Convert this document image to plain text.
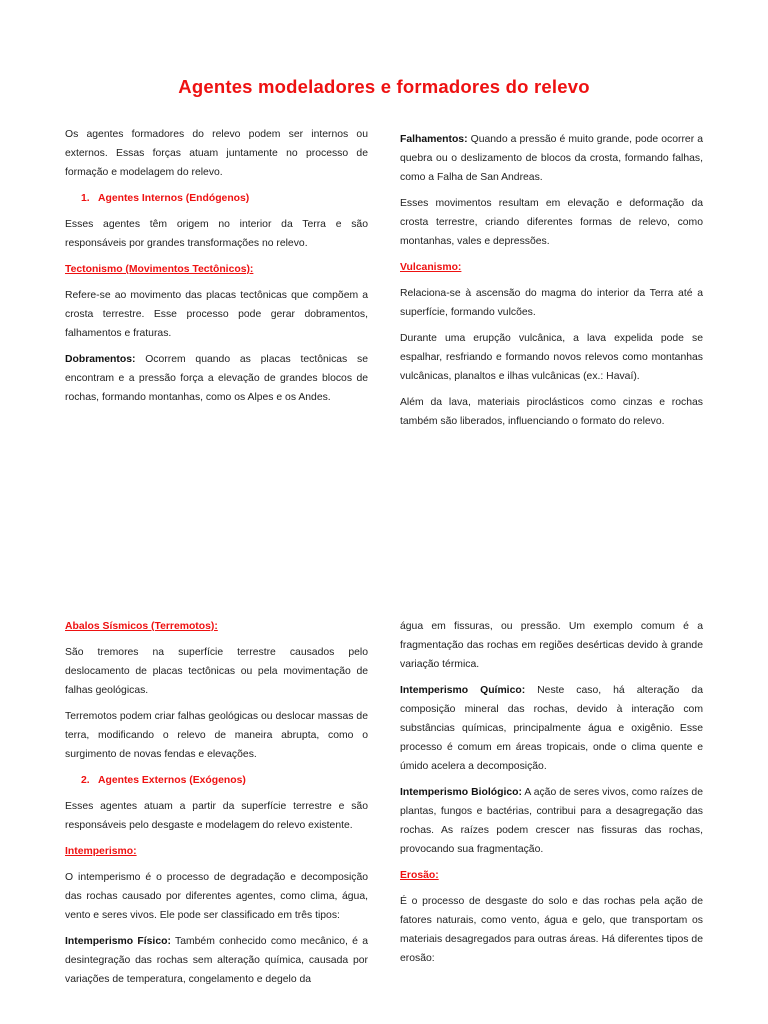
Agentes modeladores e formadores do relevo

Os agentes formadores do relevo podem ser internos ou externos. Essas forças atuam juntamente no processo de formação e modelagem do relevo.

1. Agentes Internos (Endógenos)

Esses agentes têm origem no interior da Terra e são responsáveis por grandes transformações no relevo.

Tectonismo (Movimentos Tectônicos):

Refere-se ao movimento das placas tectônicas que compõem a crosta terrestre. Esse processo pode gerar dobramentos, falhamentos e fraturas.

Dobramentos: Ocorrem quando as placas tectônicas se encontram e a pressão força a elevação de grandes blocos de rochas, formando montanhas, como os Alpes e os Andes.

Falhamentos: Quando a pressão é muito grande, pode ocorrer a quebra ou o deslizamento de blocos da crosta, formando falhas, como a Falha de San Andreas.

Esses movimentos resultam em elevação e deformação da crosta terrestre, criando diferentes formas de relevo, como montanhas, vales e depressões.

Vulcanismo:

Relaciona-se à ascensão do magma do interior da Terra até a superfície, formando vulcões.

Durante uma erupção vulcânica, a lava expelida pode se espalhar, resfriando e formando novos relevos como montanhas vulcânicas, planaltos e ilhas vulcânicas (ex.: Havaí).

Além da lava, materiais piroclásticos como cinzas e rochas também são liberados, influenciando o formato do relevo.

Abalos Sísmicos (Terremotos):

São tremores na superfície terrestre causados pelo deslocamento de placas tectônicas ou pela movimentação de falhas geológicas.

Terremotos podem criar falhas geológicas ou deslocar massas de terra, modificando o relevo de maneira abrupta, como o surgimento de novas fendas e elevações.

2. Agentes Externos (Exógenos)

Esses agentes atuam a partir da superfície terrestre e são responsáveis pelo desgaste e modelagem do relevo existente.

Intemperismo:

O intemperismo é o processo de degradação e decomposição das rochas causado por diferentes agentes, como clima, água, vento e seres vivos. Ele pode ser classificado em três tipos:

Intemperismo Físico: Também conhecido como mecânico, é a desintegração das rochas sem alteração química, causada por variações de temperatura, congelamento e degelo da

água em fissuras, ou pressão. Um exemplo comum é a fragmentação das rochas em regiões desérticas devido à grande variação térmica.

Intemperismo Químico: Neste caso, há alteração da composição mineral das rochas, devido à interação com substâncias químicas, principalmente água e oxigênio. Esse processo é comum em áreas tropicais, onde o clima quente e úmido acelera a decomposição.

Intemperismo Biológico: A ação de seres vivos, como raízes de plantas, fungos e bactérias, contribui para a desagregação das rochas. As raízes podem crescer nas fissuras das rochas, provocando sua fragmentação.

Erosão:

É o processo de desgaste do solo e das rochas pela ação de fatores naturais, como vento, água e gelo, que transportam os materiais desagregados para outras áreas. Há diferentes tipos de erosão:
